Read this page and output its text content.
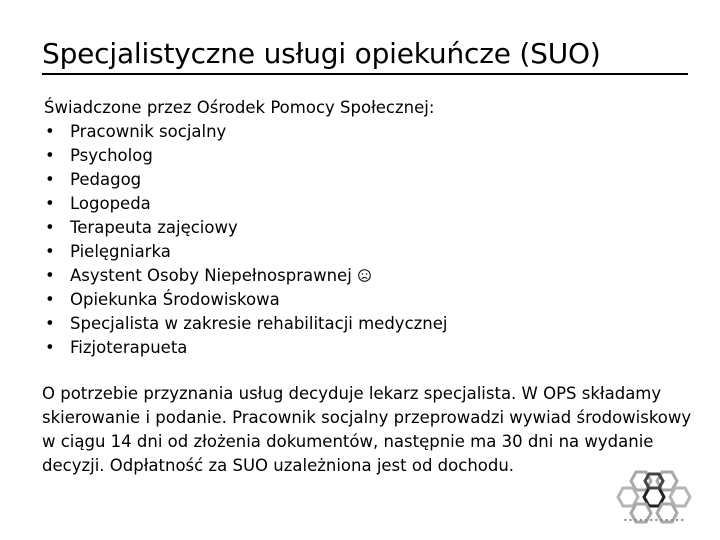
Specjalistyczne usługi opiekuńcze (SUO)

Świadczone przez Ośrodek Pomocy Społecznej:

• Pracownik socjalny
• Psycholog
• Pedagog
• Logopeda
• Terapeuta zajęciowy
• Pielęgniarka
• Asystent Osoby Niepełnosprawnej
• Opiekunka Środowiskowa
• Specjalista w zakresie rehabilitacji medycznej
• Fizjoterapueta

O potrzebie przyznania usług decyduje lekarz specjalista. W OPS składamy skierowanie i podanie. Pracownik socjalny przeprowadzi wywiad środowiskowy w ciągu 14 dni od złożenia dokumentów, następnie ma 30 dni na wydanie decyzji. Odpłatność za SUO uzależniona jest od dochodu.

▪ ▪ ▪ ▪ ▪ ▪ ▪ ▪ ▪ ▪ ▪ ▪
